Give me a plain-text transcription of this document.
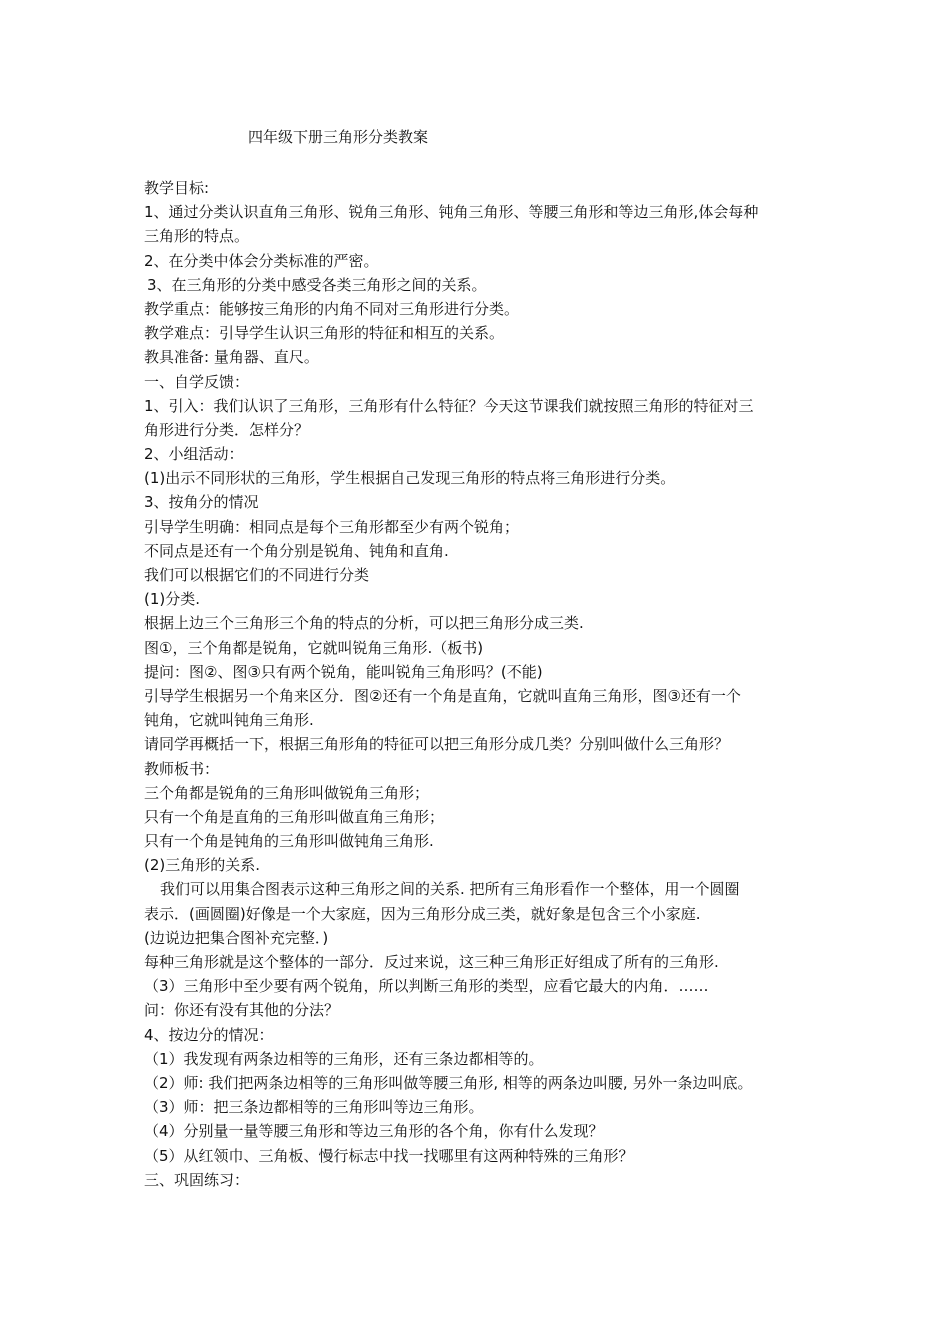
四年级下册三角形分类教案
教学目标:
1、通过分类认识直角三角形、锐角三角形、钝角三角形、等腰三角形和等边三角形,体会每种
三角形的特点。
2、在分类中体会分类标准的严密。
3、在三角形的分类中感受各类三角形之间的关系。
教学重点：能够按三角形的内角不同对三角形进行分类。
教学难点：引导学生认识三角形的特征和相互的关系。
教具准备: 量角器、直尺。
一、自学反馈：
1、引入：我们认识了三角形，三角形有什么特征？今天这节课我们就按照三角形的特征对三
角形进行分类．怎样分？
2、小组活动：
(1)出示不同形状的三角形，学生根据自己发现三角形的特点将三角形进行分类。
3、按角分的情况
引导学生明确：相同点是每个三角形都至少有两个锐角；
不同点是还有一个角分别是锐角、钝角和直角.
我们可以根据它们的不同进行分类
(1)分类.
根据上边三个三角形三个角的特点的分析，可以把三角形分成三类.
图①，三个角都是锐角，它就叫锐角三角形.（板书)
提问：图②、图③只有两个锐角，能叫锐角三角形吗？(不能)
引导学生根据另一个角来区分．图②还有一个角是直角，它就叫直角三角形，图③还有一个
钝角，它就叫钝角三角形.
请同学再概括一下，根据三角形角的特征可以把三角形分成几类？分别叫做什么三角形？
教师板书：
三个角都是锐角的三角形叫做锐角三角形；
只有一个角是直角的三角形叫做直角三角形；
只有一个角是钝角的三角形叫做钝角三角形.
(2)三角形的关系.
我们可以用集合图表示这种三角形之间的关系. 把所有三角形看作一个整体，用一个圆圈
表示．(画圆圈)好像是一个大家庭，因为三角形分成三类，就好象是包含三个小家庭.
(边说边把集合图补充完整．)
每种三角形就是这个整体的一部分．反过来说，这三种三角形正好组成了所有的三角形.
（3）三角形中至少要有两个锐角，所以判断三角形的类型，应看它最大的内角．……
问：你还有没有其他的分法？
4、按边分的情况：
（1）我发现有两条边相等的三角形，还有三条边都相等的。
（2）师: 我们把两条边相等的三角形叫做等腰三角形, 相等的两条边叫腰, 另外一条边叫底。
（3）师：把三条边都相等的三角形叫等边三角形。
（4）分别量一量等腰三角形和等边三角形的各个角，你有什么发现？
（5）从红领巾、三角板、慢行标志中找一找哪里有这两种特殊的三角形？
三、巩固练习：
